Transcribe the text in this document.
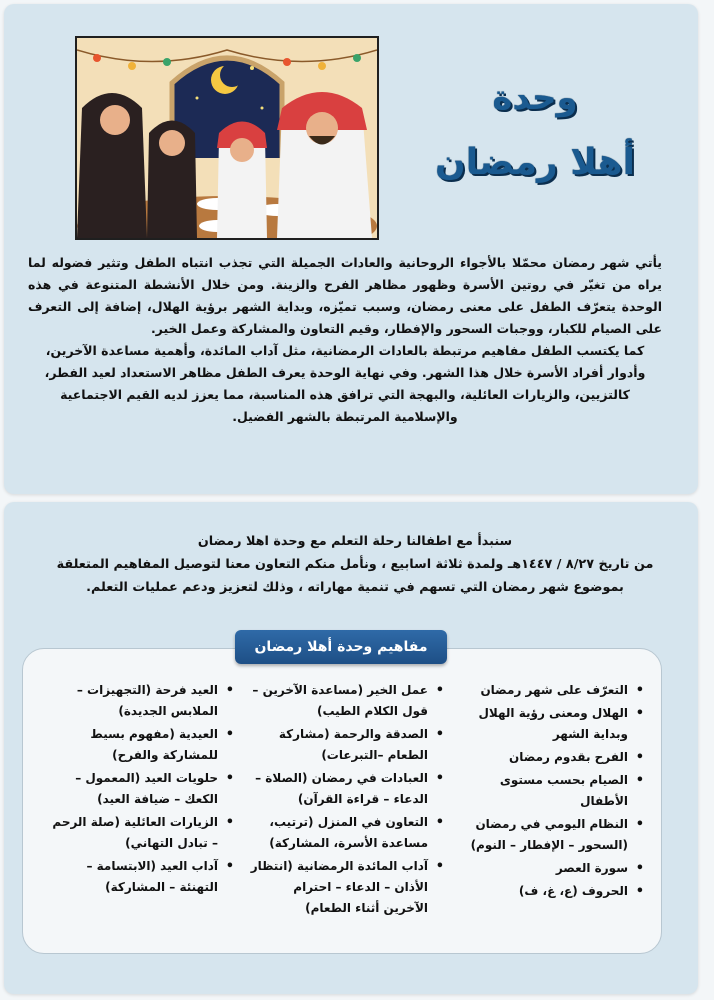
وحدة
أهلا رمضان

يأتي شهر رمضان محمّلا بالأجواء الروحانية والعادات الجميلة التي تجذب انتباه الطفل وتثير فضوله لما يراه من تغيّر في روتين الأسرة وظهور مظاهر الفرح والزينة. ومن خلال الأنشطة المتنوعة في هذه الوحدة يتعرّف الطفل على معنى رمضان، وسبب تميّزه، وبداية الشهر برؤية الهلال، إضافة إلى التعرف على الصيام للكبار، ووجبات السحور والإفطار، وقيم التعاون والمشاركة وعمل الخير.

كما يكتسب الطفل مفاهيم مرتبطة بالعادات الرمضانية، مثل آداب المائدة، وأهمية مساعدة الآخرين، وأدوار أفراد الأسرة خلال هذا الشهر. وفي نهاية الوحدة يعرف الطفل مظاهر الاستعداد لعيد الفطر، كالتزيين، والزيارات العائلية، والبهجة التي ترافق هذه المناسبة، مما يعزز لديه القيم الاجتماعية والإسلامية المرتبطة بالشهر الفضيل.

سنبدأ مع اطفالنا رحلة التعلم مع وحدة اهلا رمضان
من تاريخ ٨/٢٧ / ١٤٤٧هـ ولمدة ثلاثة اسابيع ، ونأمل منكم التعاون معنا لتوصيل المفاهيم المتعلقة
بموضوع شهر رمضان التي تسهم في تنمية مهاراته ، وذلك لتعزيز ودعم عمليات التعلم.
مفاهيم وحدة أهلا رمضان
• التعرّف على شهر رمضان
• الهلال ومعنى رؤية الهلال وبداية الشهر
• الفرح بقدوم رمضان
• الصيام بحسب مستوى الأطفال
• النظام اليومي في رمضان (السحور – الإفطار – النوم)
• سورة العصر
• الحروف (ع، غ، ف)
• عمل الخير (مساعدة الآخرين – قول الكلام الطيب)
• الصدقة والرحمة (مشاركة الطعام –التبرعات)
• العبادات في رمضان (الصلاة – الدعاء – قراءة القرآن)
• التعاون في المنزل (ترتيب، مساعدة الأسرة، المشاركة)
• آداب المائدة الرمضانية (انتظار الأذان – الدعاء – احترام الآخرين أثناء الطعام)
• العيد فرحة (التجهيزات – الملابس الجديدة)
• العيدية (مفهوم بسيط للمشاركة والفرح)
• حلويات العيد (المعمول – الكعك – ضيافة العيد)
• الزيارات العائلية (صلة الرحم – تبادل التهاني)
• آداب العيد (الابتسامة – التهنئة – المشاركة)
